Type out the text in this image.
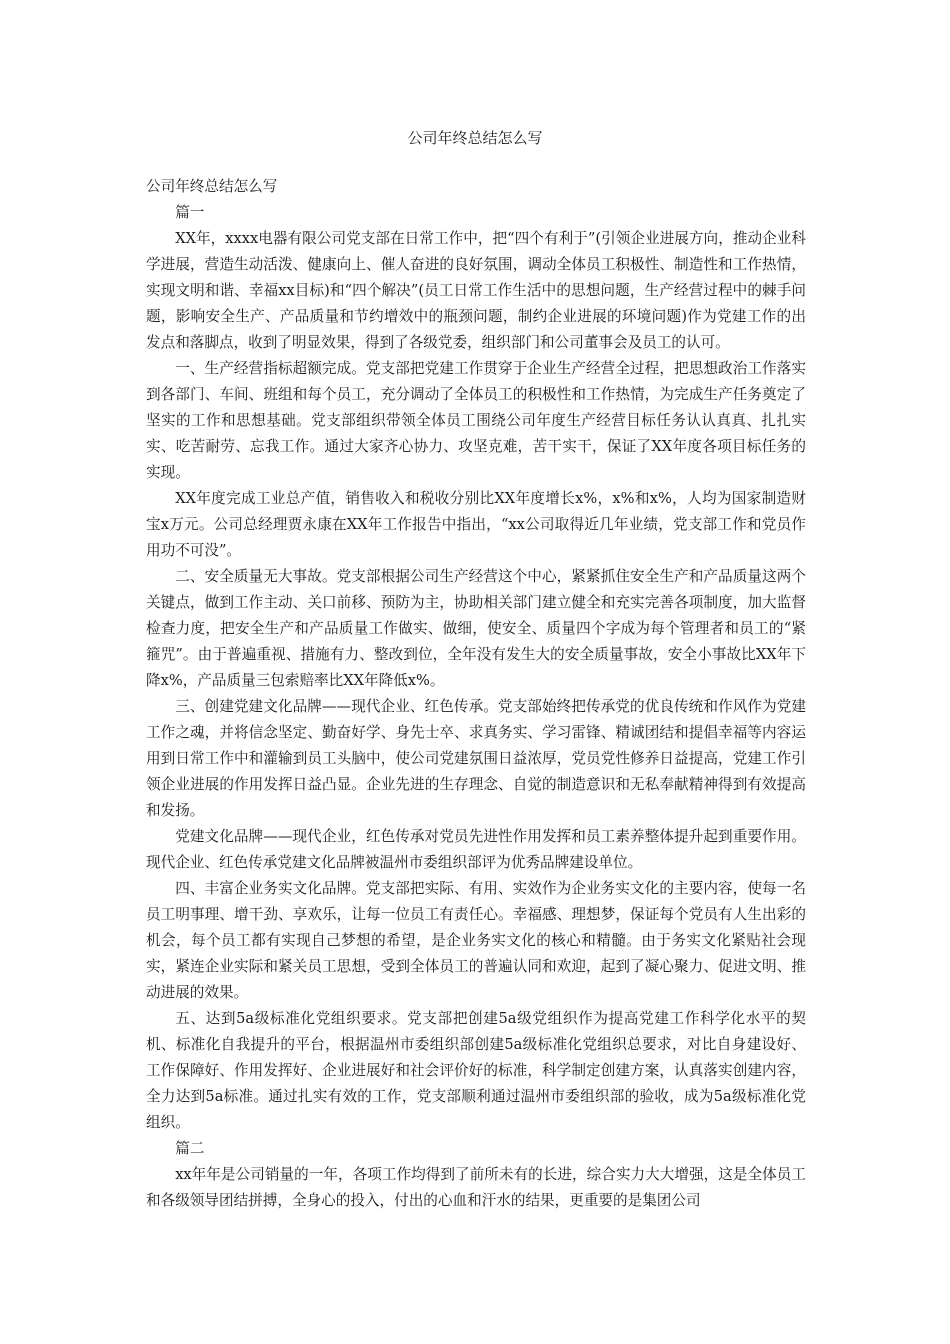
公司年终总结怎么写

公司年终总结怎么写

篇一

XX年，xxxx电器有限公司党支部在日常工作中，把“四个有利于”(引领企业进展方向，推动企业科学进展，营造生动活泼、健康向上、催人奋进的良好氛围，调动全体员工积极性、制造性和工作热情，实现文明和谐、幸福xx目标)和“四个解决”(员工日常工作生活中的思想问题，生产经营过程中的棘手问题，影响安全生产、产品质量和节约增效中的瓶颈问题，制约企业进展的环境问题)作为党建工作的出发点和落脚点，收到了明显效果，得到了各级党委，组织部门和公司董事会及员工的认可。

一、生产经营指标超额完成。党支部把党建工作贯穿于企业生产经营全过程，把思想政治工作落实到各部门、车间、班组和每个员工，充分调动了全体员工的积极性和工作热情，为完成生产任务奠定了坚实的工作和思想基础。党支部组织带领全体员工围绕公司年度生产经营目标任务认认真真、扎扎实实、吃苦耐劳、忘我工作。通过大家齐心协力、攻坚克难，苦干实干，保证了XX年度各项目标任务的实现。

XX年度完成工业总产值，销售收入和税收分别比XX年度增长x%，x%和x%，人均为国家制造财宝x万元。公司总经理贾永康在XX年工作报告中指出，“xx公司取得近几年业绩，党支部工作和党员作用功不可没”。

二、安全质量无大事故。党支部根据公司生产经营这个中心，紧紧抓住安全生产和产品质量这两个关键点，做到工作主动、关口前移、预防为主，协助相关部门建立健全和充实完善各项制度，加大监督检查力度，把安全生产和产品质量工作做实、做细，使安全、质量四个字成为每个管理者和员工的“紧箍咒”。由于普遍重视、措施有力、整改到位，全年没有发生大的安全质量事故，安全小事故比XX年下降x%，产品质量三包索赔率比XX年降低x%。

三、创建党建文化品牌——现代企业、红色传承。党支部始终把传承党的优良传统和作风作为党建工作之魂，并将信念坚定、勤奋好学、身先士卒、求真务实、学习雷锋、精诚团结和提倡幸福等内容运用到日常工作中和灌输到员工头脑中，使公司党建氛围日益浓厚，党员党性修养日益提高，党建工作引领企业进展的作用发挥日益凸显。企业先进的生存理念、自觉的制造意识和无私奉献精神得到有效提高和发扬。

党建文化品牌——现代企业，红色传承对党员先进性作用发挥和员工素养整体提升起到重要作用。现代企业、红色传承党建文化品牌被温州市委组织部评为优秀品牌建设单位。

四、丰富企业务实文化品牌。党支部把实际、有用、实效作为企业务实文化的主要内容，使每一名员工明事理、增干劲、享欢乐，让每一位员工有责任心。幸福感、理想梦，保证每个党员有人生出彩的机会，每个员工都有实现自己梦想的希望，是企业务实文化的核心和精髓。由于务实文化紧贴社会现实，紧连企业实际和紧关员工思想，受到全体员工的普遍认同和欢迎，起到了凝心聚力、促进文明、推动进展的效果。

五、达到5a级标准化党组织要求。党支部把创建5a级党组织作为提高党建工作科学化水平的契机、标准化自我提升的平台，根据温州市委组织部创建5a级标准化党组织总要求，对比自身建设好、工作保障好、作用发挥好、企业进展好和社会评价好的标准，科学制定创建方案，认真落实创建内容，全力达到5a标准。通过扎实有效的工作，党支部顺利通过温州市委组织部的验收，成为5a级标准化党组织。

篇二

xx年年是公司销量的一年，各项工作均得到了前所未有的长进，综合实力大大增强，这是全体员工和各级领导团结拼搏，全身心的投入，付出的心血和汗水的结果，更重要的是集团公司
